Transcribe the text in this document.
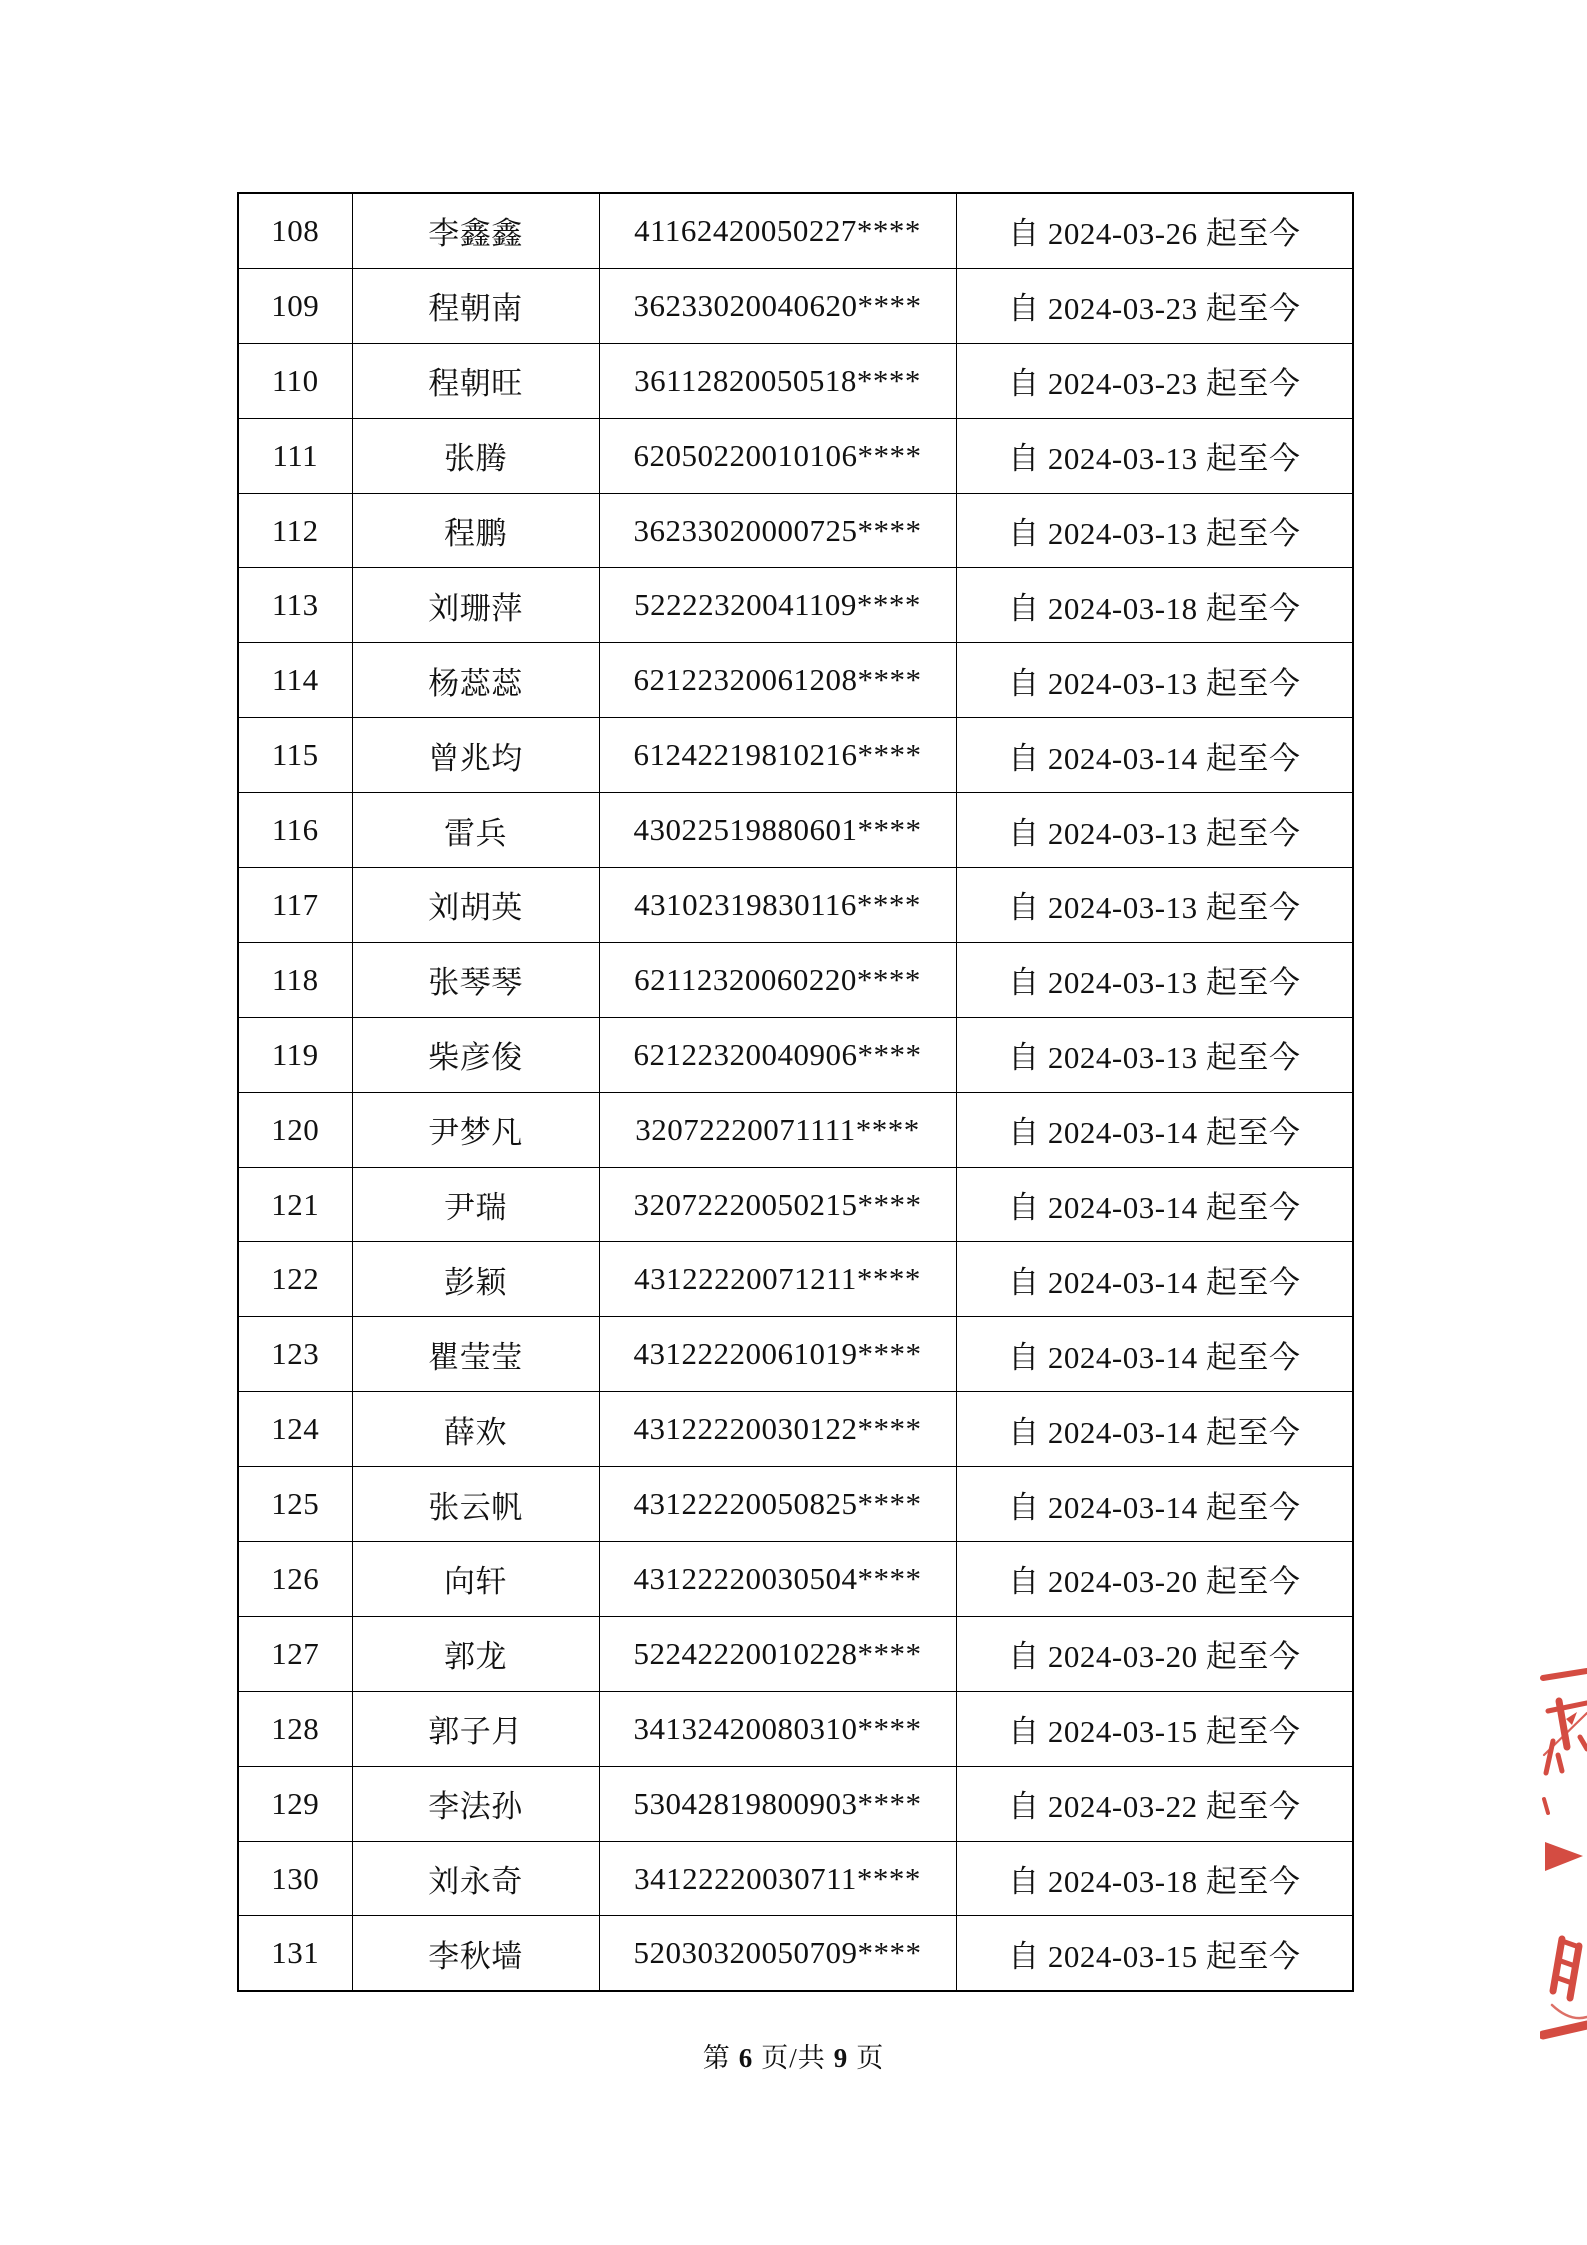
108	李鑫鑫	41162420050227****	自 2024-03-26 起至今
109	程朝南	36233020040620****	自 2024-03-23 起至今
110	程朝旺	36112820050518****	自 2024-03-23 起至今
111	张腾	62050220010106****	自 2024-03-13 起至今
112	程鹏	36233020000725****	自 2024-03-13 起至今
113	刘珊萍	52222320041109****	自 2024-03-18 起至今
114	杨蕊蕊	62122320061208****	自 2024-03-13 起至今
115	曾兆均	61242219810216****	自 2024-03-14 起至今
116	雷兵	43022519880601****	自 2024-03-13 起至今
117	刘胡英	43102319830116****	自 2024-03-13 起至今
118	张琴琴	62112320060220****	自 2024-03-13 起至今
119	柴彦俊	62122320040906****	自 2024-03-13 起至今
120	尹梦凡	32072220071111****	自 2024-03-14 起至今
121	尹瑞	32072220050215****	自 2024-03-14 起至今
122	彭颖	43122220071211****	自 2024-03-14 起至今
123	瞿莹莹	43122220061019****	自 2024-03-14 起至今
124	薛欢	43122220030122****	自 2024-03-14 起至今
125	张云帆	43122220050825****	自 2024-03-14 起至今
126	向轩	43122220030504****	自 2024-03-20 起至今
127	郭龙	52242220010228****	自 2024-03-20 起至今
128	郭子月	34132420080310****	自 2024-03-15 起至今
129	李法孙	53042819800903****	自 2024-03-22 起至今
130	刘永奇	34122220030711****	自 2024-03-18 起至今
131	李秋墙	52030320050709****	自 2024-03-15 起至今
第 6 页/共 9 页
